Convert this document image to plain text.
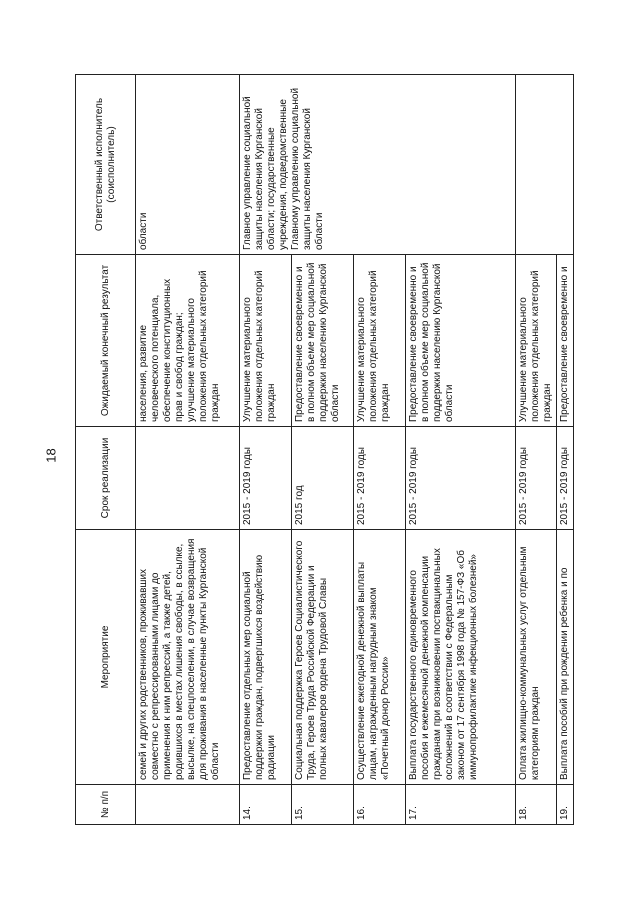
18
№ п/п	Мероприятие	Срок реализации	Ожидаемый конечный результат	Ответственный исполнитель (соисполнитель)
	семей и других родственников, проживавших совместно с репрессированными лицами до применения к ним репрессий, а также детей, родившихся в местах лишения свободы, в ссылке, высылке, на спецпоселении, в случае возвращения для проживания в населенные пункты Курганской области		населения, развитие человеческого потенциала, обеспечение конституционных прав и свобод граждан; улучшение материального положения отдельных категорий граждан	области
14.	Предоставление отдельных мер социальной поддержки граждан, подвергшихся воздействию радиации	2015 - 2019 годы	Улучшение материального положения отдельных категорий граждан	Главное управление социальной защиты населения Курганской области; государственные учреждения, подведомственные Главному управлению социальной защиты населения Курганской области
15.	Социальная поддержка Героев Социалистического Труда, Героев Труда Российской Федерации и полных кавалеров ордена Трудовой Славы	2015 год	Предоставление своевременно и в полном объеме мер социальной поддержки населению Курганской области	
16.	Осуществление ежегодной денежной выплаты лицам, награжденным нагрудным знаком «Почетный донор России»	2015 - 2019 годы	Улучшение материального положения отдельных категорий граждан	
17.	Выплата государственного единовременного пособия и ежемесячной денежной компенсации гражданам при возникновении поствакцинальных осложнений в соответствии с Федеральным законом от 17 сентября 1998 года № 157-ФЗ «Об иммунопрофилактике инфекционных болезней»	2015 - 2019 годы	Предоставление своевременно и в полном объеме мер социальной поддержки населению Курганской области	
18.	Оплата жилищно-коммунальных услуг отдельным категориям граждан	2015 - 2019 годы	Улучшение материального положения отдельных категорий граждан	
19.	Выплата пособий при рождении ребенка и по	2015 - 2019 годы	Предоставление своевременно и	
